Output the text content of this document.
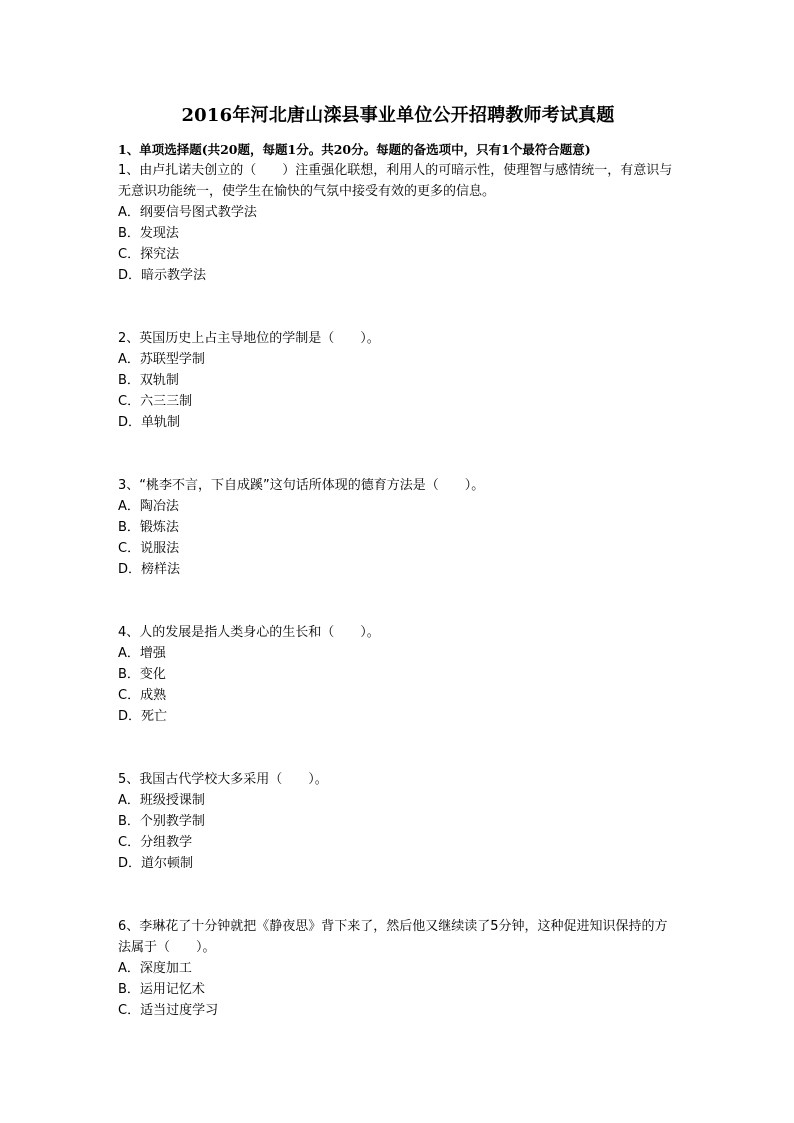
2016年河北唐山滦县事业单位公开招聘教师考试真题
1、单项选择题(共20题，每题1分。共20分。每题的备选项中，只有1个最符合题意)

1、由卢扎诺夫创立的（　　）注重强化联想，利用人的可暗示性，使理智与感情统一，有意识与无意识功能统一，使学生在愉快的气氛中接受有效的更多的信息。

A．纲要信号图式教学法
B．发现法
C．探究法
D．暗示教学法

2、英国历史上占主导地位的学制是（　　）。

A．苏联型学制
B．双轨制
C．六三三制
D．单轨制

3、“桃李不言，下自成蹊”这句话所体现的德育方法是（　　）。

A．陶冶法
B．锻炼法
C．说服法
D．榜样法

4、人的发展是指人类身心的生长和（　　）。

A．增强
B．变化
C．成熟
D．死亡

5、我国古代学校大多采用（　　）。

A．班级授课制
B．个别教学制
C．分组教学
D．道尔顿制

6、李琳花了十分钟就把《静夜思》背下来了，然后他又继续读了5分钟，这种促进知识保持的方法属于（　　）。

A．深度加工
B．运用记忆术
C．适当过度学习
